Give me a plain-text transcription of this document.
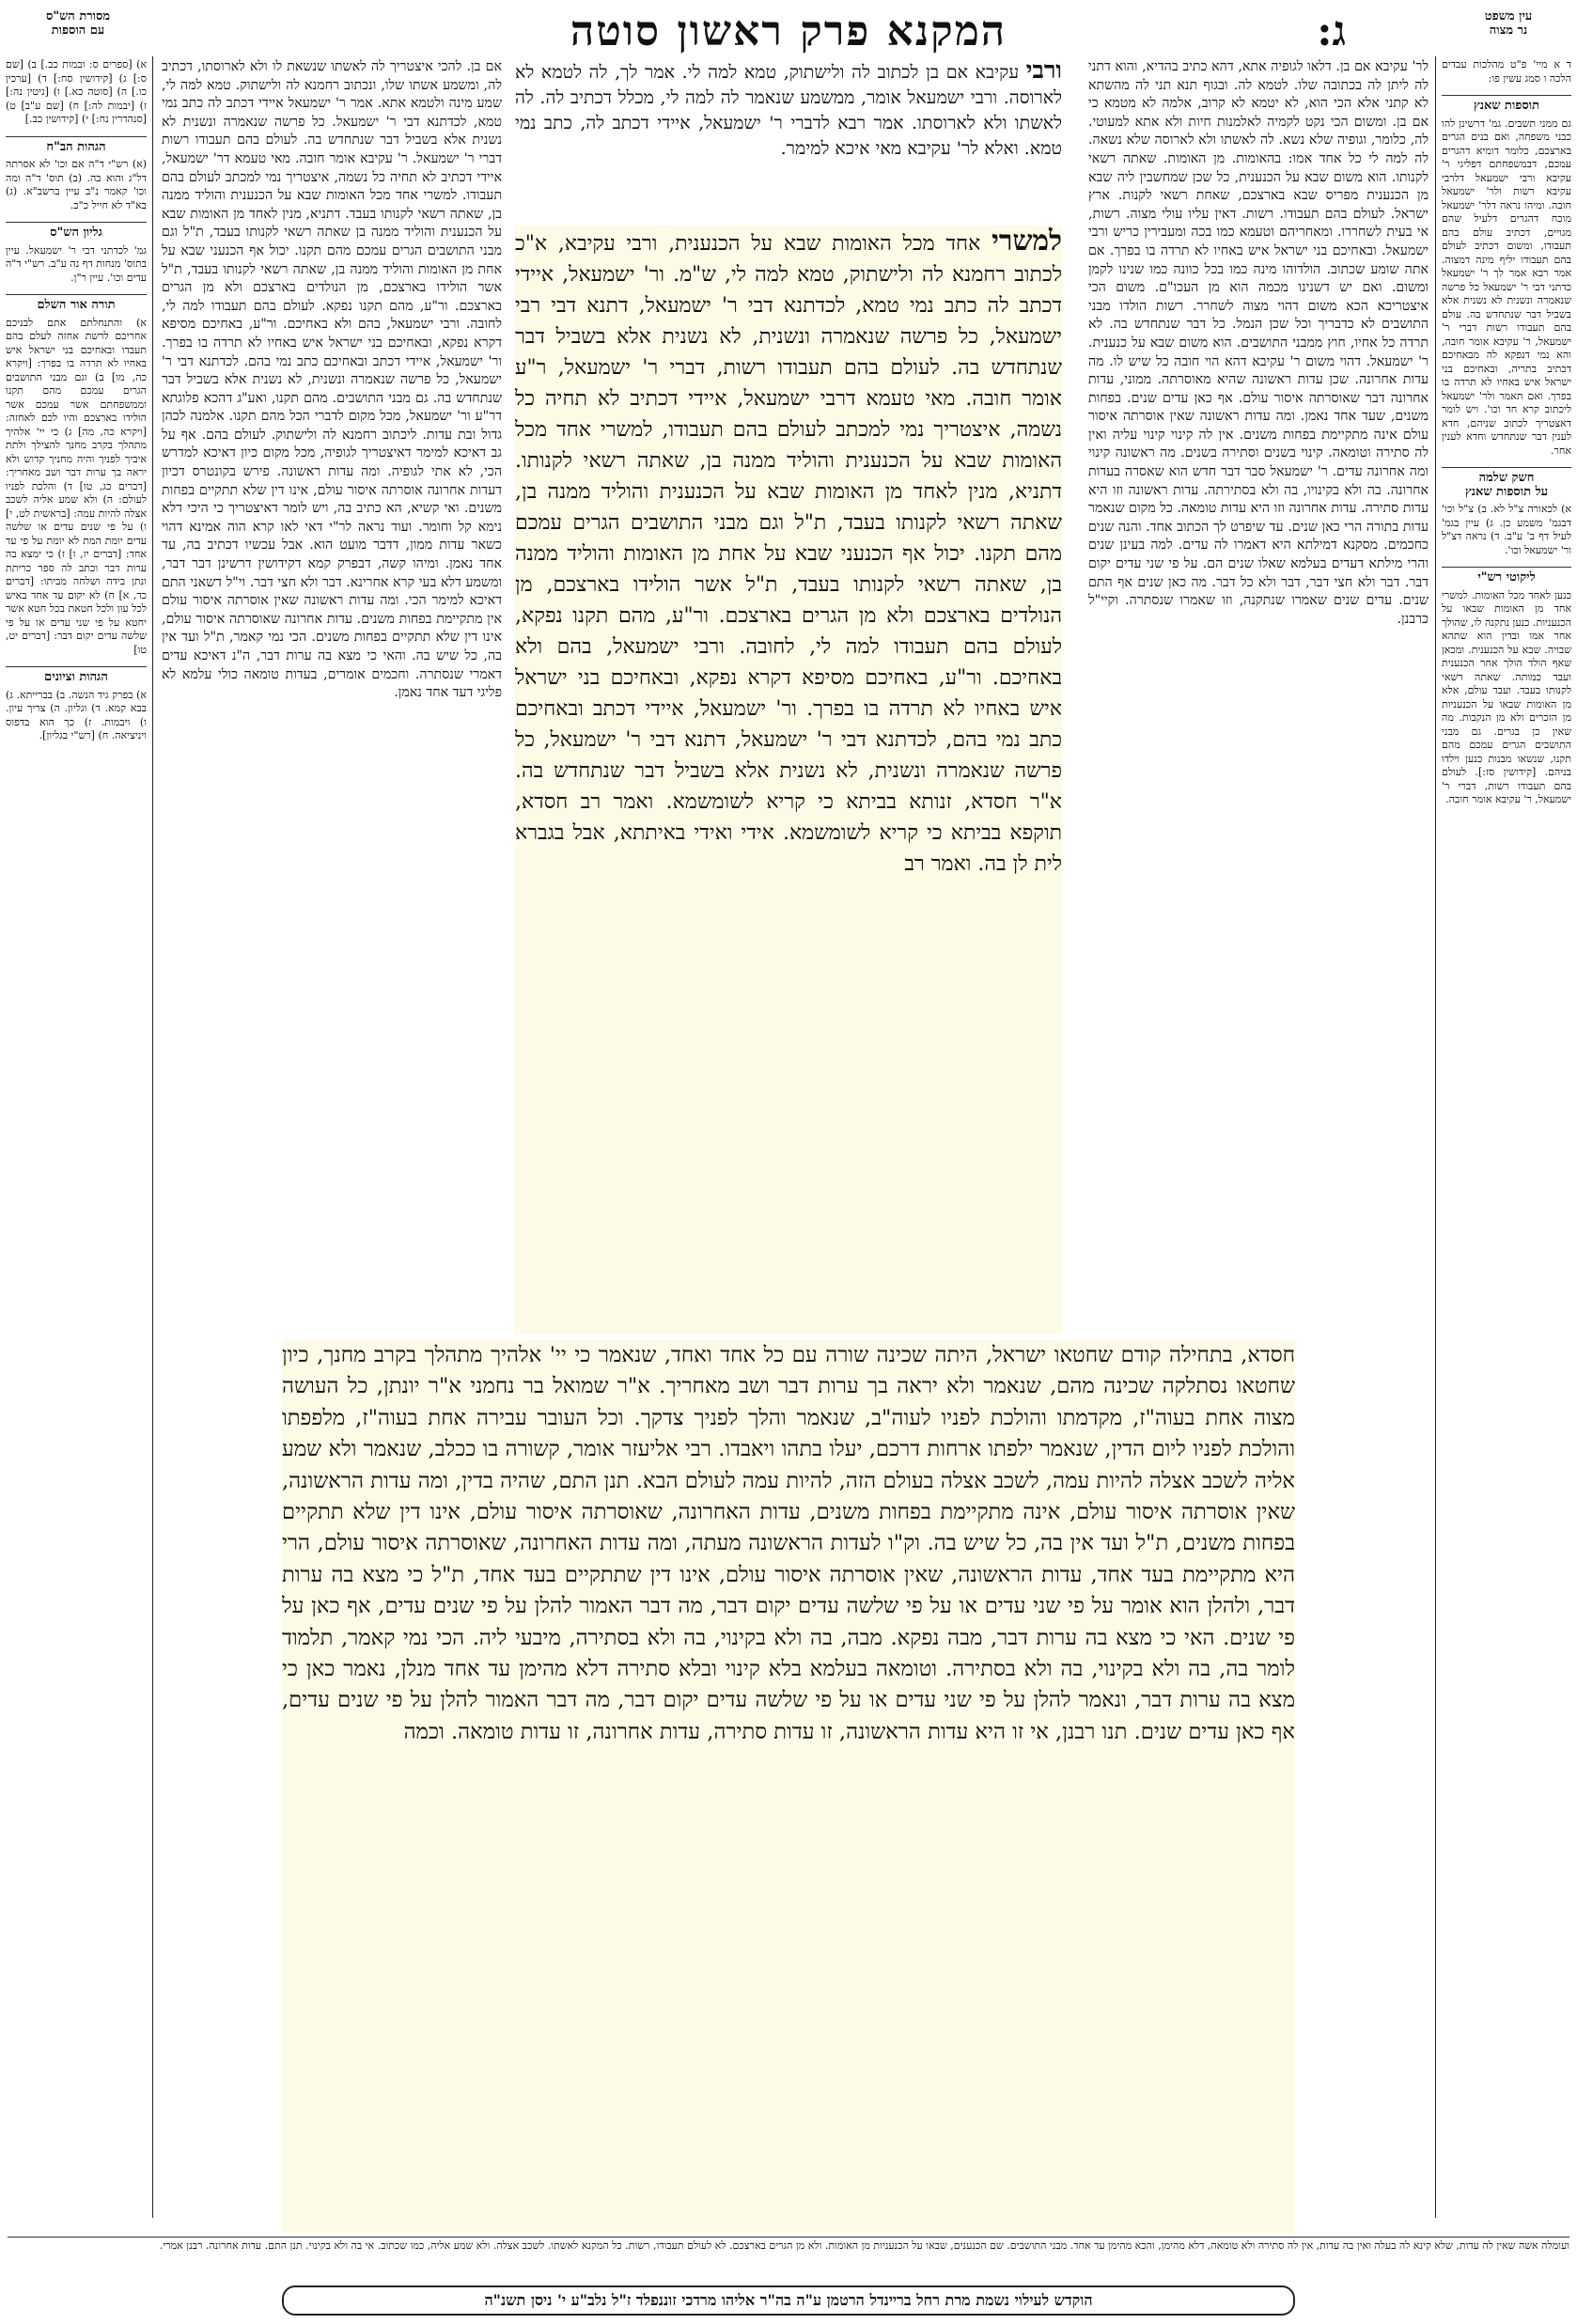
עין משפט
נר מצוה
ג:
המקנא פרק ראשון סוטה
מסורת הש"ס
עם הוספות

ד א מיי' פ"ט מהלכות עבדים הלכה ו סמג עשין פו:

תוספות שאנץ

גם ממני תשבים. גמ' דרשינן להו כבני משפחה, ואם בנים הגרים בארצכם, כלומר דומיא דהגרים עמכם, דבמשפחתם דפליגי ר' עקיבא ורבי ישמעאל דלרבי עקיבא רשות ולר' ישמעאל חובה. ומיהו נראה דלר' ישמעאל מוכח דהגרים דלעיל שהם מגויים, דכתיב עולם בהם תעבודו, ומשום דכתיב לעולם בהם תעבודו יליף מינה דמצוה. אמר רבא אמר לך ר' ישמעאל כדתני דבי ר' ישמעאל כל פרשה שנאמרה ונשנית לא נשנית אלא בשביל דבר שנתחדש בה. עולם בהם תעבודו רשות דברי ר' ישמעאל, ר' עקיבא אומר חובה, והא נמי דנפקא לה מבאחיכם דכתיב בתריה, ובאחיכם בני ישראל איש באחיו לא תרדה בו בפרך. ואם תאמר ולר' ישמעאל ליכתוב קרא חד וכו'. ויש לומר דאצטריך לכתוב שניהם, חדא לענין דבר שנתחדש וחדא לענין אחר.

חשק שלמה
על תוספות שאנץ

א) לכאורה צ"ל לא. ב) צ"ל וכו' דבגמ' משמע כן. ג) עיין בגמ' לעיל דף ב' ע"ב. ד) נראה דצ"ל ור' ישמעאל וכו'.

ליקוטי רש"י

כנען לאחד מכל האומות. למשרי אחד מן האומות שבאו על הכנעניות. כנען נתקנה לו, שהולך אחר אמו ובדין הוא שתהא שבויה. שבא על הכנענית. ומכאן שאף הולד הולך אחר הכנענית ועבד כמותה. שאתה רשאי לקנותו בעבד. ועבד עולם, אלא מן האומות שבאו על הכנעניות מן הזכרים ולא מן הנקבות. מה שאין כן בגרים. גם מבני התושבים הגרים עמכם מהם תקנו, שנשאו מבנות כנען וילדו בניהם. [קידושין סז:]. לעולם בהם תעבודו רשות, דברי ר' ישמעאל, ר' עקיבא אומר חובה.

א) [ספרים ס: ובמות כב.] ב) [שם ס:] ג) [קידושין סח:] ד) [ערכין כו.] ה) [סוטה כא.] ו) [גיטין נה:] ז) [יבמות לה:] ח) [שם ע"ב] ט) [סנהדרין נח:] י) [קידושין כב.]

הגהות הב"ח

(א) רש"י ד"ה אם וכו' לא אסרתה דל"ג והוא בה. (ב) תוס' ד"ה ומה וכו' קאמר נ"ב עיין ברשב"א. (ג) בא"ד לא חייל כ"כ.

גליון הש"ס

גמ' לכדתני דבי ר' ישמעאל. עיין בתוס' מנחות דף נה ע"ב. רש"י ד"ה עדים וכו'. עיין ר"ן.

תורה אור השלם

א) והתנחלתם אתם לבניכם אחריכם לרשת אחזה לעלם בהם תעבדו ובאחיכם בני ישראל איש באחיו לא תרדה בו בפרך: [ויקרא כה, מו] ב) וגם מבני התושבים הגרים עמכם מהם תקנו וממשפחתם אשר עמכם אשר הולידו בארצכם והיו לכם לאחזה: [ויקרא כה, מה] ג) כי יי' אלהיך מתהלך בקרב מחנך להצילך ולתת איביך לפניך והיה מחניך קדוש ולא יראה בך ערות דבר ושב מאחריך: [דברים כג, טו] ד) והלכת לפניו לעולם: ה) ולא שמע אליה לשכב אצלה להיות עמה: [בראשית לט, י] ו) על פי שנים עדים או שלשה עדים יומת המת לא יומת על פי עד אחד: [דברים יז, ו] ז) כי ימצא בה ערות דבר וכתב לה ספר כריתת ונתן בידה ושלחה מביתו: [דברים כד, א] ח) לא יקום עד אחד באיש לכל עון ולכל חטאת בכל חטא אשר יחטא על פי שני עדים או על פי שלשה עדים יקום דבר: [דברים יט, טו]

הגהות וציונים

א) בפרק גיד הנשה. ב) בברייתא. ג) בבא קמא. ד) וגליון. ה) צריך עיון. ו) ויבמות. ז) כך הוא בדפוס ויניציאה. ח) [רש"י בגליון].

לר' עקיבא אם בן. דלאו לגופיה אתא, דהא כתיב בהדיא, והוא דתני לה ליתן לה בכתובה שלו. לטמא לה. ובגוף תנא תני לה מהשתא לא קתני אלא הכי הוא, לא יטמא לא קרוב, אלמה לא מטמא כי אם בן. ומשום הכי נקט לקמיה לאלמנות חיות ולא אתא למעוטי. לה, כלומר, וגופיה שלא נשא. לה לאשתו ולא לארוסה שלא נשאה. לה למה לי כל אחד אמו: בהאומות. מן האומות. שאתה רשאי לקנותו. הוא משום שבא על הכנענית, כל שכן שמחשבין ליה שבא מן הכנענית מפריס שבא בארצכם, שאחת רשאי לקנות. ארץ ישראל. לעולם בהם תעבודו. רשות. דאין עליו עולי מצוה. רשות, אי בעית לשחררו. ומאחריהם וטעמא כמו בכה ומעבירין כריש ורבי ישמעאל. ובאחיכם בני ישראל איש באחיו לא תרדה בו בפרך. אם אתה שומע שכתוב. הולדוהו מינה כמו בכל כוונה כמו שנינו לקמן ומשום. ואם יש דשנינו מכמה הוא מן העכו"ם. משום הכי איצטריכא הכא משום דהוי מצוה לשחרר. רשות הולדו מבני התושבים לא כדבריך וכל שכן הנמל. כל דבר שנתחדש בה. לא תרדה כל אחיו, חוץ ממבני התושבים. הוא משום שבא על כנענית. ר' ישמעאל. דהוי משום ר' עקיבא דהא הוי חובה כל שיש לו. מה עדות אחרונה. שכן עדות ראשונה שהיא מאוסרתה. ממוני, עדות אחרונה דבר שאוסרתה איסור עולם. אף כאן עדים שנים. בפחות משנים, שעד אחד נאמן. ומה עדות ראשונה שאין אוסרתה איסור עולם אינה מתקיימת בפחות משנים. אין לה קינוי קינוי עליה ואין לה סתירה וטומאה. קינוי בשנים וסתירה בשנים. מה ראשונה קינוי ומה אחרונה עדים. ר' ישמעאל סבר דבר חדש הוא שאסרה בעדות אחרונה. בה ולא בקינויו, בה ולא בסתירתה. עדות ראשונה וזו היא עדות סתירה. עדות אחרונה וזו היא עדות טומאה. כל מקום שנאמר עדות בתורה הרי כאן שנים. עד שיפרט לך הכתוב אחד. והנה שנים כחכמים. מסקנא דמילתא היא דאמרו לה עדים. למה בעינן שנים והרי מילתא דעדים בעלמא שאלו שנים הם. על פי שני עדים יקום דבר. דבר ולא חצי דבר, דבר ולא כל דבר. מה כאן שנים אף התם שנים. עדים שנים שאמרו שנתקנה, וזו שאמרו שנסתרה. וקיי"ל כרבנן.
אם בן. להכי איצטריך לה לאשתו שנשאת לו ולא לארוסתו, דכתיב לה, ומשמע אשתו שלו, ונכתוב רחמנא לה ולישתוק. טמא למה לי, שמע מינה ולטמא אתא. אמר ר' ישמעאל איידי דכתב לה כתב נמי טמא, לכדתנא דבי ר' ישמעאל. כל פרשה שנאמרה ונשנית לא נשנית אלא בשביל דבר שנתחדש בה. לעולם בהם תעבודו רשות דברי ר' ישמעאל. ר' עקיבא אומר חובה. מאי טעמא דר' ישמעאל, איידי דכתיב לא תחיה כל נשמה, איצטריך נמי למכתב לעולם בהם תעבודו. למשרי אחד מכל האומות שבא על הכנענית והוליד ממנה בן, שאתה רשאי לקנותו בעבד. דתניא, מנין לאחד מן האומות שבא על הכנענית והוליד ממנה בן שאתה רשאי לקנותו בעבד, ת"ל וגם מבני התושבים הגרים עמכם מהם תקנו. יכול אף הכנעני שבא על אחת מן האומות והוליד ממנה בן, שאתה רשאי לקנותו בעבד, ת"ל אשר הולידו בארצכם, מן הנולדים בארצכם ולא מן הגרים בארצכם. ור"ע, מהם תקנו נפקא. לעולם בהם תעבודו למה לי, לחובה. ורבי ישמעאל, בהם ולא באחיכם. ור"ע, באחיכם מסיפא דקרא נפקא, ובאחיכם בני ישראל איש באחיו לא תרדה בו בפרך. ור' ישמעאל, איידי דכתב ובאחיכם כתב נמי בהם. לכדתנא דבי ר' ישמעאל, כל פרשה שנאמרה ונשנית, לא נשנית אלא בשביל דבר שנתחדש בה. גם מבני התושבים. מהם תקנו, ואע"ג דהכא פלוגתא דר"ע ור' ישמעאל, מכל מקום לדברי הכל מהם תקנו. אלמנה לכהן גדול ובת עדות. ליכתוב רחמנא לה ולישתוק. לעולם בהם. אף על גב דאיכא למימר דאיצטריך לגופיה, מכל מקום כיון דאיכא למדרש הכי, לא אתי לגופיה. ומה עדות ראשונה. פירש בקונטרס דכיון דעדות אחרונה אוסרתה איסור עולם, אינו דין שלא תתקיים בפחות משנים. ואי קשיא, הא כתיב בה, ויש לומר דאיצטריך כי היכי דלא נימא קל וחומר. ועוד נראה לר"י דאי לאו קרא הוה אמינא דהוי כשאר עדות ממון, דדבר מועט הוא. אבל עכשיו דכתיב בה, עד אחד נאמן. ומיהו קשה, דבפרק קמא דקידושין דרשינן דבר דבר, ומשמע דלא בעי קרא אחרינא. דבר ולא חצי דבר. וי"ל דשאני התם דאיכא למימר הכי. ומה עדות ראשונה שאין אוסרתה איסור עולם אין מתקיימת בפחות משנים. עדות אחרונה שאוסרתה איסור עולם, אינו דין שלא תתקיים בפחות משנים. הכי נמי קאמר, ת"ל ועד אין בה, כל שיש בה. והאי כי מצא בה ערות דבר, ה"נ דאיכא עדים דאמרי שנסתרה. וחכמים אומרים, בעדות טומאה כולי עלמא לא פליגי דעד אחד נאמן.
ורבי עקיבא אם בן לכתוב לה ולישתוק, טמא למה לי. אמר לך, לה לטמא לא לארוסה. ורבי ישמעאל אומר, ממשמע שנאמר לה למה לי, מכלל דכתיב לה. לה לאשתו ולא לארוסתו. אמר רבא לדברי ר' ישמעאל, איידי דכתב לה, כתב נמי טמא. ואלא לר' עקיבא מאי איכא למימר.
למשרי אחד מכל האומות שבא על הכנענית, ורבי עקיבא, א"כ לכתוב רחמנא לה ולישתוק, טמא למה לי, ש"מ. ור' ישמעאל, איידי דכתב לה כתב נמי טמא, לכדתנא דבי ר' ישמעאל, דתנא דבי רבי ישמעאל, כל פרשה שנאמרה ונשנית, לא נשנית אלא בשביל דבר שנתחדש בה. לעולם בהם תעבודו רשות, דברי ר' ישמעאל, ר"ע אומר חובה. מאי טעמא דרבי ישמעאל, איידי דכתיב לא תחיה כל נשמה, איצטריך נמי למכתב לעולם בהם תעבודו, למשרי אחד מכל האומות שבא על הכנענית והוליד ממנה בן, שאתה רשאי לקנותו. דתניא, מנין לאחד מן האומות שבא על הכנענית והוליד ממנה בן, שאתה רשאי לקנותו בעבד, ת"ל וגם מבני התושבים הגרים עמכם מהם תקנו. יכול אף הכנעני שבא על אחת מן האומות והוליד ממנה בן, שאתה רשאי לקנותו בעבד, ת"ל אשר הולידו בארצכם, מן הנולדים בארצכם ולא מן הגרים בארצכם. ור"ע, מהם תקנו נפקא, לעולם בהם תעבודו למה לי, לחובה. ורבי ישמעאל, בהם ולא באחיכם. ור"ע, באחיכם מסיפא דקרא נפקא, ובאחיכם בני ישראל איש באחיו לא תרדה בו בפרך. ור' ישמעאל, איידי דכתב ובאחיכם כתב נמי בהם, לכדתנא דבי ר' ישמעאל, דתנא דבי ר' ישמעאל, כל פרשה שנאמרה ונשנית, לא נשנית אלא בשביל דבר שנתחדש בה. א"ר חסדא, זנותא בביתא כי קריא לשומשמא. ואמר רב חסדא, תוקפא בביתא כי קריא לשומשמא. אידי ואידי באיתתא, אבל בגברא לית לן בה. ואמר רב
חסדא, בתחילה קודם שחטאו ישראל, היתה שכינה שורה עם כל אחד ואחד, שנאמר כי יי' אלהיך מתהלך בקרב מחנך, כיון שחטאו נסתלקה שכינה מהם, שנאמר ולא יראה בך ערות דבר ושב מאחריך. א"ר שמואל בר נחמני א"ר יונתן, כל העושה מצוה אחת בעוה"ז, מקדמתו והולכת לפניו לעוה"ב, שנאמר והלך לפניך צדקך. וכל העובר עבירה אחת בעוה"ז, מלפפתו והולכת לפניו ליום הדין, שנאמר ילפתו ארחות דרכם, יעלו בתהו ויאבדו. רבי אליעזר אומר, קשורה בו ככלב, שנאמר ולא שמע אליה לשכב אצלה להיות עמה, לשכב אצלה בעולם הזה, להיות עמה לעולם הבא. תנן התם, שהיה בדין, ומה עדות הראשונה, שאין אוסרתה איסור עולם, אינה מתקיימת בפחות משנים, עדות האחרונה, שאוסרתה איסור עולם, אינו דין שלא תתקיים בפחות משנים, ת"ל ועד אין בה, כל שיש בה. וק"ו לעדות הראשונה מעתה, ומה עדות האחרונה, שאוסרתה איסור עולם, הרי היא מתקיימת בעד אחד, עדות הראשונה, שאין אוסרתה איסור עולם, אינו דין שתתקיים בעד אחד, ת"ל כי מצא בה ערות דבר, ולהלן הוא אומר על פי שני עדים או על פי שלשה עדים יקום דבר, מה דבר האמור להלן על פי שנים עדים, אף כאן על פי שנים. האי כי מצא בה ערות דבר, מבה נפקא. מבה, בה ולא בקינוי, בה ולא בסתירה, מיבעי ליה. הכי נמי קאמר, תלמוד לומר בה, בה ולא בקינוי, בה ולא בסתירה. וטומאה בעלמא בלא קינוי ובלא סתירה דלא מהימן עד אחד מנלן, נאמר כאן כי מצא בה ערות דבר, ונאמר להלן על פי שני עדים או על פי שלשה עדים יקום דבר, מה דבר האמור להלן על פי שנים עדים, אף כאן עדים שנים. תנו רבנן, אי זו היא עדות הראשונה, זו עדות סתירה, עדות אחרונה, זו עדות טומאה. וכמה
ועומלה אשה שאין לה עדות, שלא קינא לה בעלה ואין בה עדות, אין לה סתירה ולא טומאה, דלא מהימן, והכא מהימן עד אחד. מבני התושבים. שם הכנענים, שבאו על הכנעניות מן האומות. ולא מן הגרים בארצכם. לא לעולם תעבודו, רשות. כל המקנא לאשתו. לשכב אצלה. ולא שמע אליה, כמו שכתוב. אי בה ולא בקינוי. תנן התם. עדות אחרונה. רבנן אמרי.
הוקדש לעילוי נשמת מרת רחל ברײנדל הרטמן ע"ה בה"ר אליהו מרדכי זוננפלד ז"ל נלב"ע י' ניסן תשנ"ה
